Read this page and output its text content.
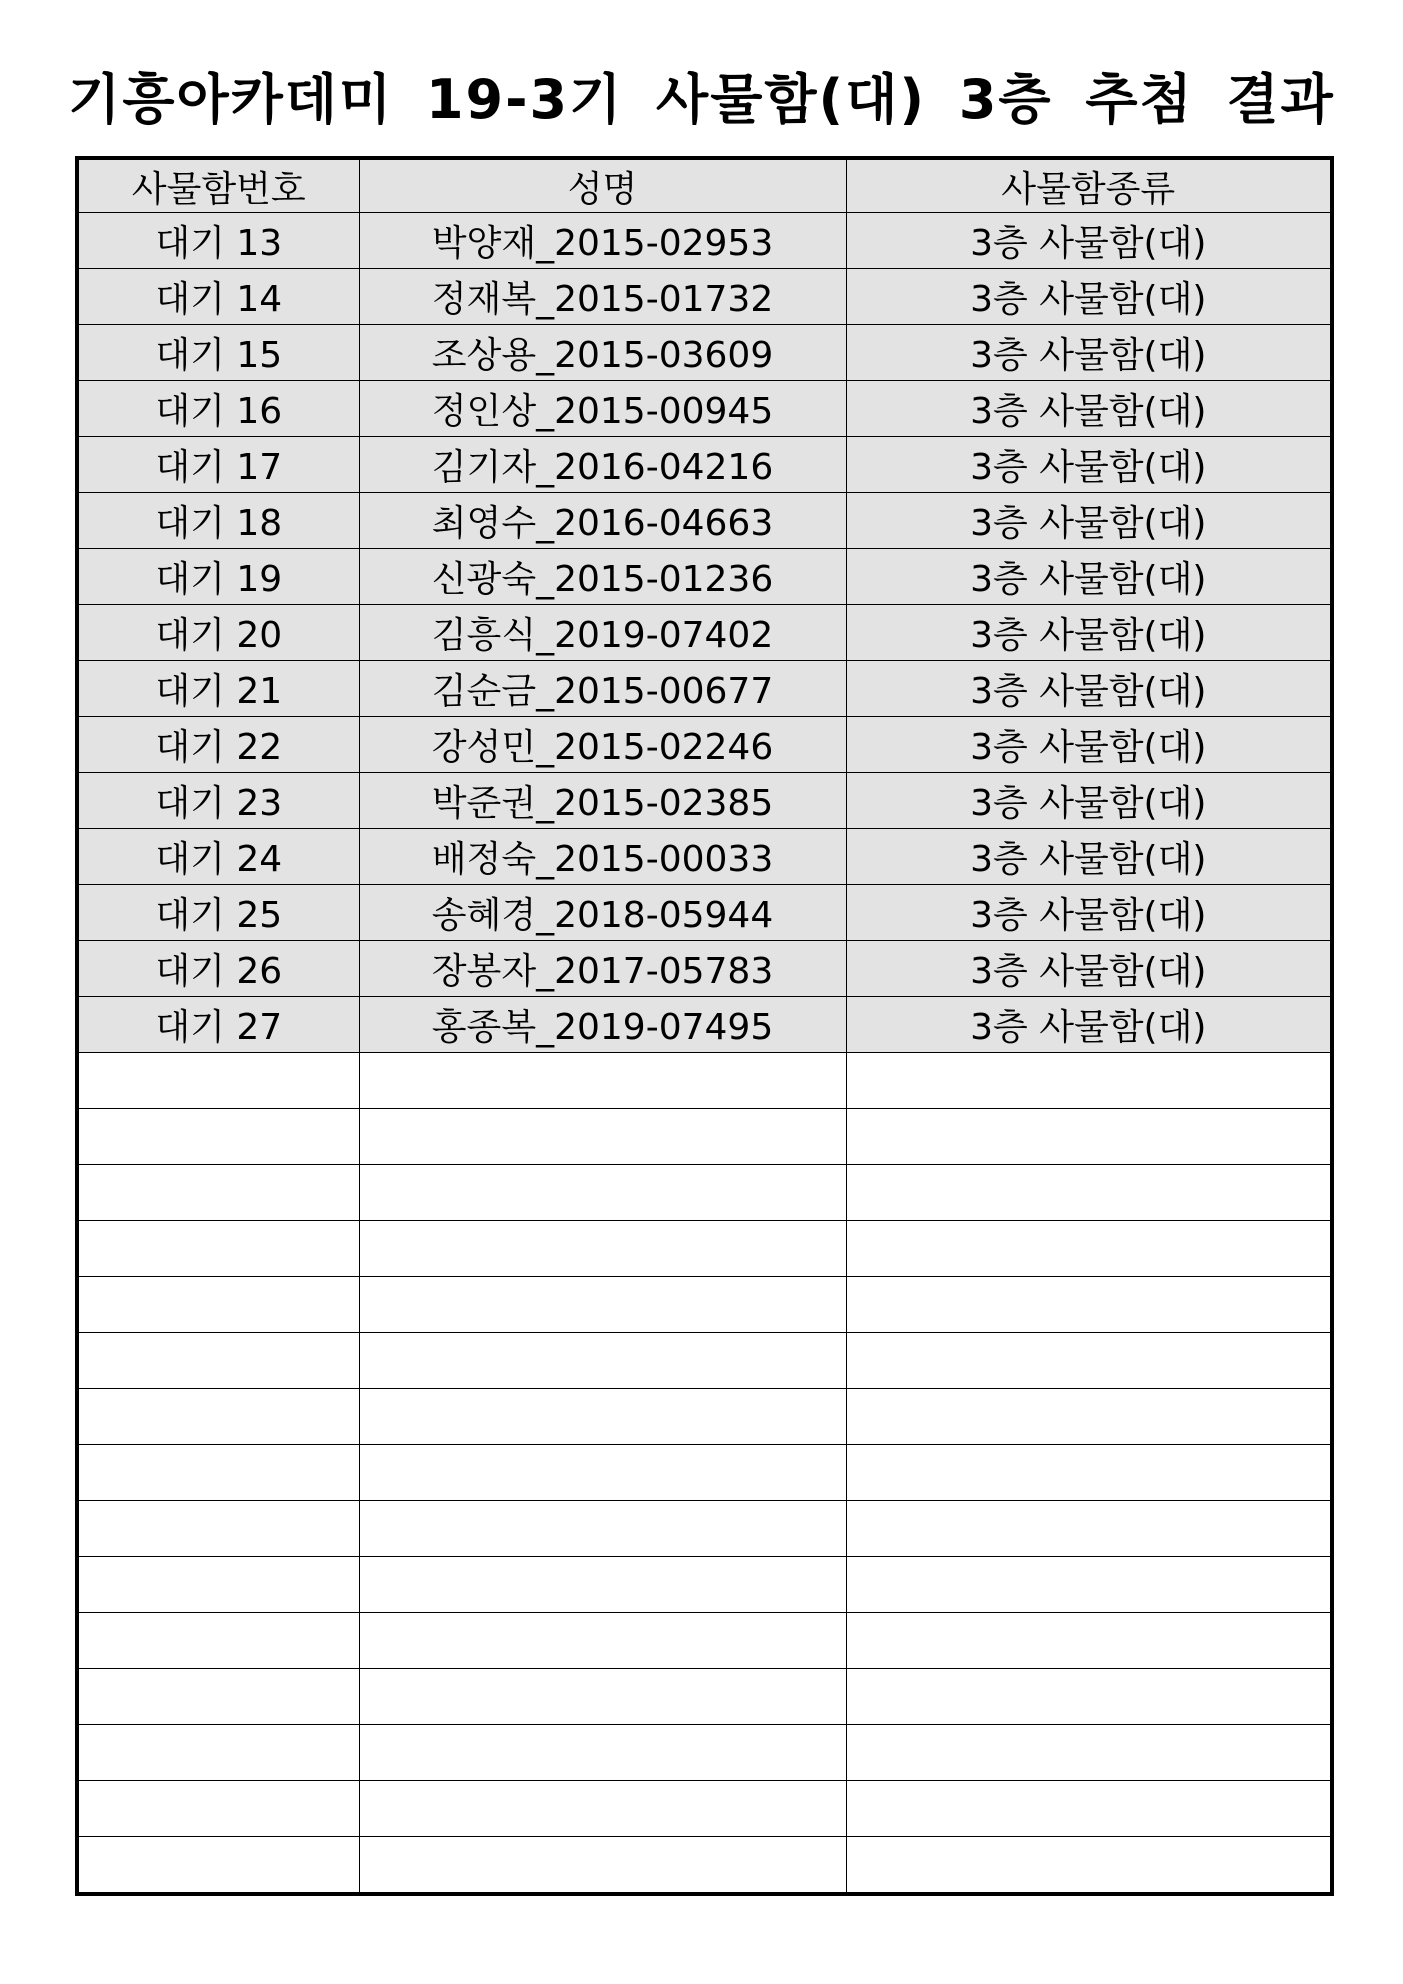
기흥아카데미 19-3기 사물함(대) 3층 추첨 결과
사물함번호	성명	사물함종류
대기 13	박양재_2015-02953	3층 사물함(대)
대기 14	정재복_2015-01732	3층 사물함(대)
대기 15	조상용_2015-03609	3층 사물함(대)
대기 16	정인상_2015-00945	3층 사물함(대)
대기 17	김기자_2016-04216	3층 사물함(대)
대기 18	최영수_2016-04663	3층 사물함(대)
대기 19	신광숙_2015-01236	3층 사물함(대)
대기 20	김흥식_2019-07402	3층 사물함(대)
대기 21	김순금_2015-00677	3층 사물함(대)
대기 22	강성민_2015-02246	3층 사물함(대)
대기 23	박준권_2015-02385	3층 사물함(대)
대기 24	배정숙_2015-00033	3층 사물함(대)
대기 25	송혜경_2018-05944	3층 사물함(대)
대기 26	장봉자_2017-05783	3층 사물함(대)
대기 27	홍종복_2019-07495	3층 사물함(대)
